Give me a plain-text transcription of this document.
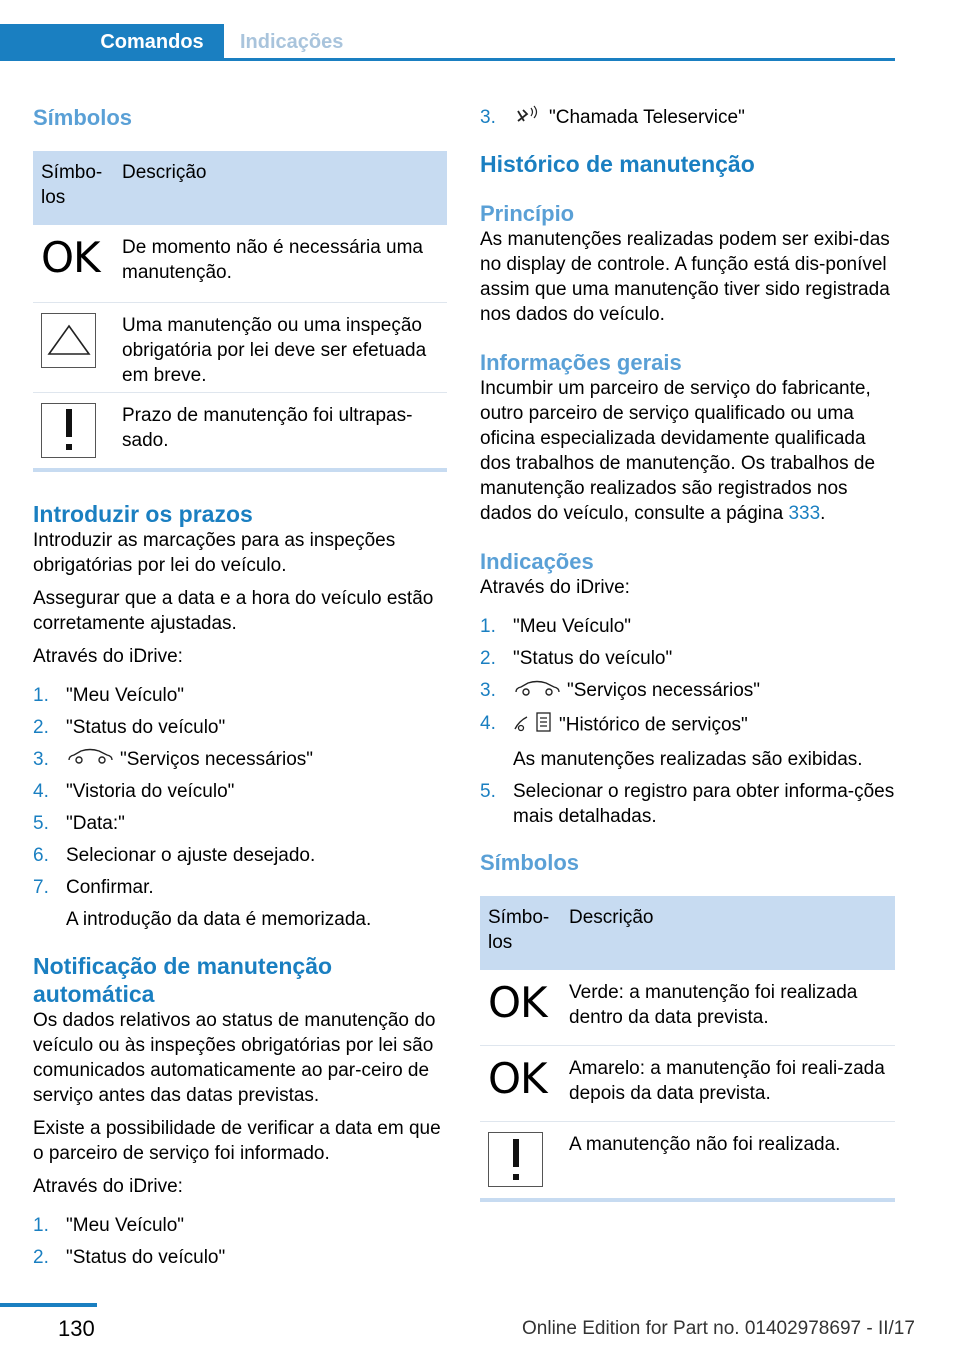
Comandos	Indicações
Símbolos
Símbo-los	Descrição
OK	De momento não é necessária uma manutenção.

	Uma manutenção ou uma inspeção obrigatória por lei deve ser efetuada em breve.

	Prazo de manutenção foi ultrapas-sado.
Introduzir os prazos

Introduzir as marcações para as inspeções obrigatórias por lei do veículo.

Assegurar que a data e a hora do veículo estão corretamente ajustadas.

Através do iDrive:

1. "Meu Veículo"
2. "Status do veículo"
3.	"Serviços necessários"
4. "Vistoria do veículo"
5. "Data:"
6. Selecionar o ajuste desejado.
7. Confirmar.
A introdução da data é memorizada.
Notificação de manutenção automática

Os dados relativos ao status de manutenção do veículo ou às inspeções obrigatórias por lei são comunicados automaticamente ao par-ceiro de serviço antes das datas previstas.

Existe a possibilidade de verificar a data em que o parceiro de serviço foi informado.

Através do iDrive:

1. "Meu Veículo"
2. "Status do veículo"
3.	"Chamada Teleservice"
Histórico de manutenção
Princípio

As manutenções realizadas podem ser exibi-das no display de controle. A função está dis-ponível assim que uma manutenção tiver sido registrada nos dados do veículo.

Informações gerais

Incumbir um parceiro de serviço do fabricante, outro parceiro de serviço qualificado ou uma oficina especializada devidamente qualificada dos trabalhos de manutenção. Os trabalhos de manutenção realizados são registrados nos dados do veículo, consulte a página 333.

Indicações

Através do iDrive:

1. "Meu Veículo"
2. "Status do veículo"
3.	"Serviços necessários"
4.	"Histórico de serviços"
As manutenções realizadas são exibidas.
5. Selecionar o registro para obter informa-ções mais detalhadas.
Símbolos
Símbo-los	Descrição
OK	Verde: a manutenção foi realizada dentro da data prevista.
OK	Amarelo: a manutenção foi reali-zada depois da data prevista.

	A manutenção não foi realizada.
130	Online Edition for Part no. 01402978697 - II/17
